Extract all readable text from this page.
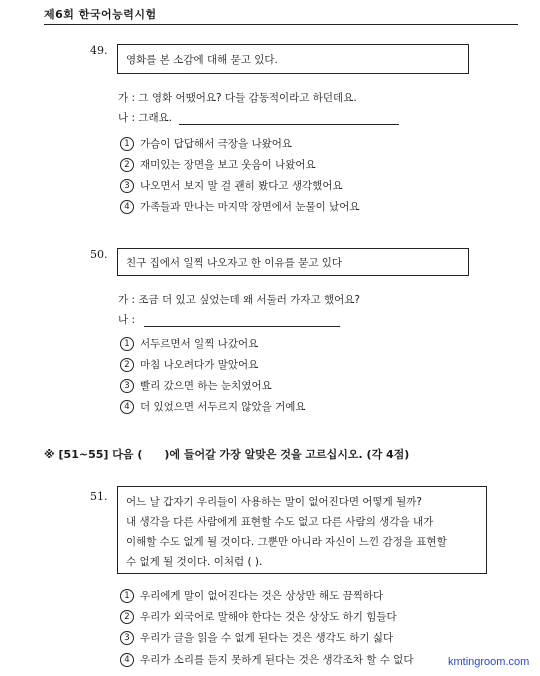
제6회 한국어능력시험
49.
영화를 본 소감에 대해 묻고 있다.
가 : 그 영화 어땠어요? 다들 감동적이라고 하던데요.
나 : 그래요.
1 가슴이 답답해서 극장을 나왔어요
2 재미있는 장면을 보고 웃음이 나왔어요
3 나오면서 보지 말 걸 괜히 봤다고 생각했어요
4 가족들과 만나는 마지막 장면에서 눈물이 났어요
50.
친구 집에서 일찍 나오자고 한 이유를 묻고 있다
가 : 조금 더 있고 싶었는데 왜 서둘러 가자고 했어요?
나 :
1 서두르면서 일찍 나갔어요
2 마침 나오려다가 말았어요
3 빨리 갔으면 하는 눈치였어요
4 더 있었으면 서두르지 않았을 거예요
※ [51~55] 다음 (　　)에 들어갈 가장 알맞은 것을 고르십시오. (각 4점)
51. 어느 날 갑자기 우리들이 사용하는 말이 없어진다면 어떻게 될까?
내 생각을 다른 사람에게 표현할 수도 없고 다른 사람의 생각을 내가
이해할 수도 없게 될 것이다. 그뿐만 아니라 자신이 느낀 감정을 표현할
수 없게 될 것이다. 이처럼 ( ).
1 우리에게 말이 없어진다는 것은 상상만 해도 끔찍하다
2 우리가 외국어로 말해야 한다는 것은 상상도 하기 힘들다
3 우리가 글을 읽을 수 없게 된다는 것은 생각도 하기 싫다
4 우리가 소리를 듣지 못하게 된다는 것은 생각조차 할 수 없다	kmtingroom.com
